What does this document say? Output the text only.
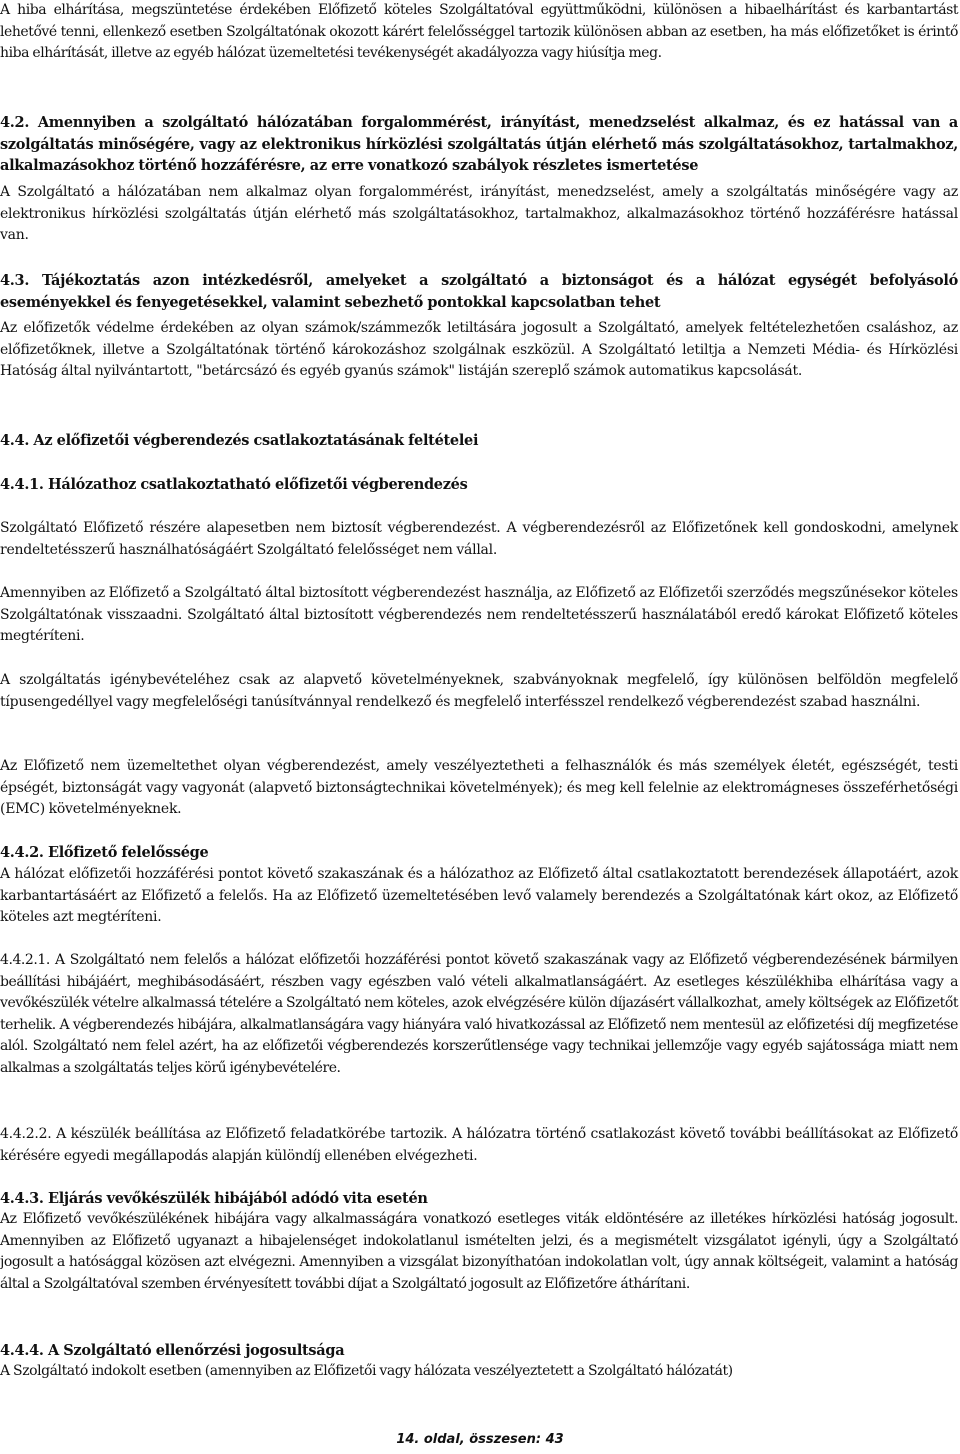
A hiba elhárítása, megszüntetése érdekében Előfizető köteles Szolgáltatóval együttműködni, különösen a hibaelhárítást és karbantartást lehetővé tenni, ellenkező esetben Szolgáltatónak okozott kárért felelősséggel tartozik különösen abban az esetben, ha más előfizetőket is érintő hiba elhárítását, illetve az egyéb hálózat üzemeltetési tevékenységét akadályozza vagy hiúsítja meg.

4.2. Amennyiben a szolgáltató hálózatában forgalommérést, irányítást, menedzselést alkalmaz, és ez hatással van a szolgáltatás minőségére, vagy az elektronikus hírközlési szolgáltatás útján elérhető más szolgáltatásokhoz, tartalmakhoz, alkalmazásokhoz történő hozzáférésre, az erre vonatkozó szabályok részletes ismertetése

A Szolgáltató a hálózatában nem alkalmaz olyan forgalommérést, irányítást, menedzselést, amely a szolgáltatás minőségére vagy az elektronikus hírközlési szolgáltatás útján elérhető más szolgáltatásokhoz, tartalmakhoz, alkalmazásokhoz történő hozzáférésre hatással van.

4.3. Tájékoztatás azon intézkedésről, amelyeket a szolgáltató a biztonságot és a hálózat egységét befolyásoló eseményekkel és fenyegetésekkel, valamint sebezhető pontokkal kapcsolatban tehet

Az előfizetők védelme érdekében az olyan számok/számmezők letiltására jogosult a Szolgáltató, amelyek feltételezhetően csaláshoz, az előfizetőknek, illetve a Szolgáltatónak történő károkozáshoz szolgálnak eszközül. A Szolgáltató letiltja a Nemzeti Média- és Hírközlési Hatóság által nyilvántartott, "betárcsázó és egyéb gyanús számok" listáján szereplő számok automatikus kapcsolását.

4.4. Az előfizetői végberendezés csatlakoztatásának feltételei

4.4.1. Hálózathoz csatlakoztatható előfizetői végberendezés

Szolgáltató Előfizető részére alapesetben nem biztosít végberendezést. A végberendezésről az Előfizetőnek kell gondoskodni, amelynek rendeltetésszerű használhatóságáért Szolgáltató felelősséget nem vállal.

Amennyiben az Előfizető a Szolgáltató által biztosított végberendezést használja, az Előfizető az Előfizetői szerződés megszűnésekor köteles Szolgáltatónak visszaadni. Szolgáltató által biztosított végberendezés nem rendeltetésszerű használatából eredő károkat Előfizető köteles megtéríteni.

A szolgáltatás igénybevételéhez csak az alapvető követelményeknek, szabványoknak megfelelő, így különösen belföldön megfelelő típusengedéllyel vagy megfelelőségi tanúsítvánnyal rendelkező és megfelelő interfésszel rendelkező végberendezést szabad használni.

Az Előfizető nem üzemeltethet olyan végberendezést, amely veszélyeztetheti a felhasználók és más személyek életét, egészségét, testi épségét, biztonságát vagy vagyonát (alapvető biztonságtechnikai követelmények); és meg kell felelnie az elektromágneses összeférhetőségi (EMC) követelményeknek.

4.4.2. Előfizető felelőssége

A hálózat előfizetői hozzáférési pontot követő szakaszának és a hálózathoz az Előfizető által csatlakoztatott berendezések állapotáért, azok karbantartásáért az Előfizető a felelős. Ha az Előfizető üzemeltetésében levő valamely berendezés a Szolgáltatónak kárt okoz, az Előfizető köteles azt megtéríteni.

4.4.2.1. A Szolgáltató nem felelős a hálózat előfizetői hozzáférési pontot követő szakaszának vagy az Előfizető végberendezésének bármilyen beállítási hibájáért, meghibásodásáért, részben vagy egészben való vételi alkalmatlanságáért. Az esetleges készülékhiba elhárítása vagy a vevőkészülék vételre alkalmassá tételére a Szolgáltató nem köteles, azok elvégzésére külön díjazásért vállalkozhat, amely költségek az Előfizetőt terhelik. A végberendezés hibájára, alkalmatlanságára vagy hiányára való hivatkozással az Előfizető nem mentesül az előfizetési díj megfizetése alól. Szolgáltató nem felel azért, ha az előfizetői végberendezés korszerűtlensége vagy technikai jellemzője vagy egyéb sajátossága miatt nem alkalmas a szolgáltatás teljes körű igénybevételére.

4.4.2.2. A készülék beállítása az Előfizető feladatkörébe tartozik. A hálózatra történő csatlakozást követő további beállításokat az Előfizető kérésére egyedi megállapodás alapján különdíj ellenében elvégezheti.

4.4.3. Eljárás vevőkészülék hibájából adódó vita esetén

Az Előfizető vevőkészülékének hibájára vagy alkalmasságára vonatkozó esetleges viták eldöntésére az illetékes hírközlési hatóság jogosult. Amennyiben az Előfizető ugyanazt a hibajelenséget indokolatlanul ismételten jelzi, és a megismételt vizsgálatot igényli, úgy a Szolgáltató jogosult a hatósággal közösen azt elvégezni. Amennyiben a vizsgálat bizonyíthatóan indokolatlan volt, úgy annak költségeit, valamint a hatóság által a Szolgáltatóval szemben érvényesített további díjat a Szolgáltató jogosult az Előfizetőre áthárítani.

4.4.4. A Szolgáltató ellenőrzési jogosultsága

A Szolgáltató indokolt esetben (amennyiben az Előfizetői vagy hálózata veszélyeztetett a Szolgáltató hálózatát)

14. oldal, összesen: 43
